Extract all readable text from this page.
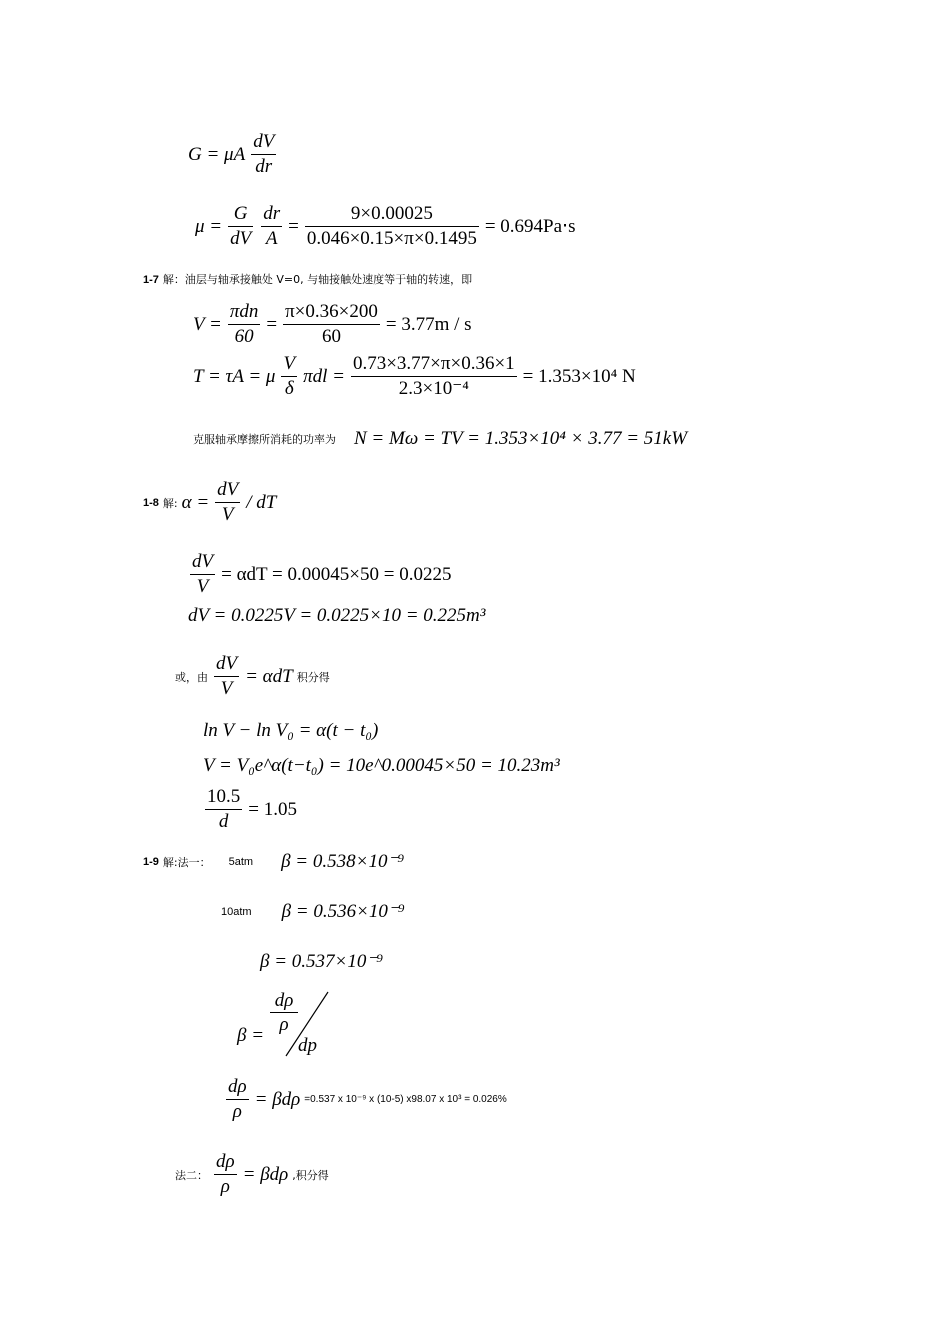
G = μA $\frac{dV}{dr}$
$\mu = \frac{G}{dV} \frac{dr}{A} = \frac{9\times 0.00025}{0.046\times 0.15\times\pi\times 0.1495} = 0.694Pa\cdot s$
1-7 解：油层与轴承接触处 V=0, 与轴接触处速度等于轴的转速，即
$V = \frac{\text{πdn}}{60} = \frac{\pi\times 0.36\times 200}{60} = 3.77m / s$
T = τA = μ $\frac{V}{\delta}$ $\pi dl = \frac{0.73\times 3.77\times\pi\times 0.36\times 1}{\text{2.3×10⁻⁴}} = 1.353\times 10^4$ N
克服轴承摩擦所消耗的功率为 N = Mω = TV = 1.353×10⁴ × 3.77 = 51kW
1-8 解: $\alpha = \frac{dV}{V}$ / dT
$\frac{dV}{V} = \alpha dT = 0.00045\times 50 = 0.0225$
dV = 0.0225V = 0.0225×10 = 0.225m³
或，由 $\frac{dV}{V} = \alpha dT$ 积分得
ln V − ln V₀ = α(t − t₀)
V = V₀e^α(t−t₀) = 10e^0.00045×50 = 10.23m³
$\frac{10.5}{d} = 1.05$
1-9 解:法一： 5atm β = 0.538×10⁻⁹
10atm β = 0.536×10⁻⁹
β = 0.537×10⁻⁹
$\beta = \frac{d\rho}{\rho}$
dp
$\frac{d\rho}{\rho} = \beta d\rho =0.537$ x 10⁻⁹ x (10-5) x98.07 x 10³ = 0.026%
法二： $\frac{d\rho}{\rho} = \beta d\rho$ ,积分得
